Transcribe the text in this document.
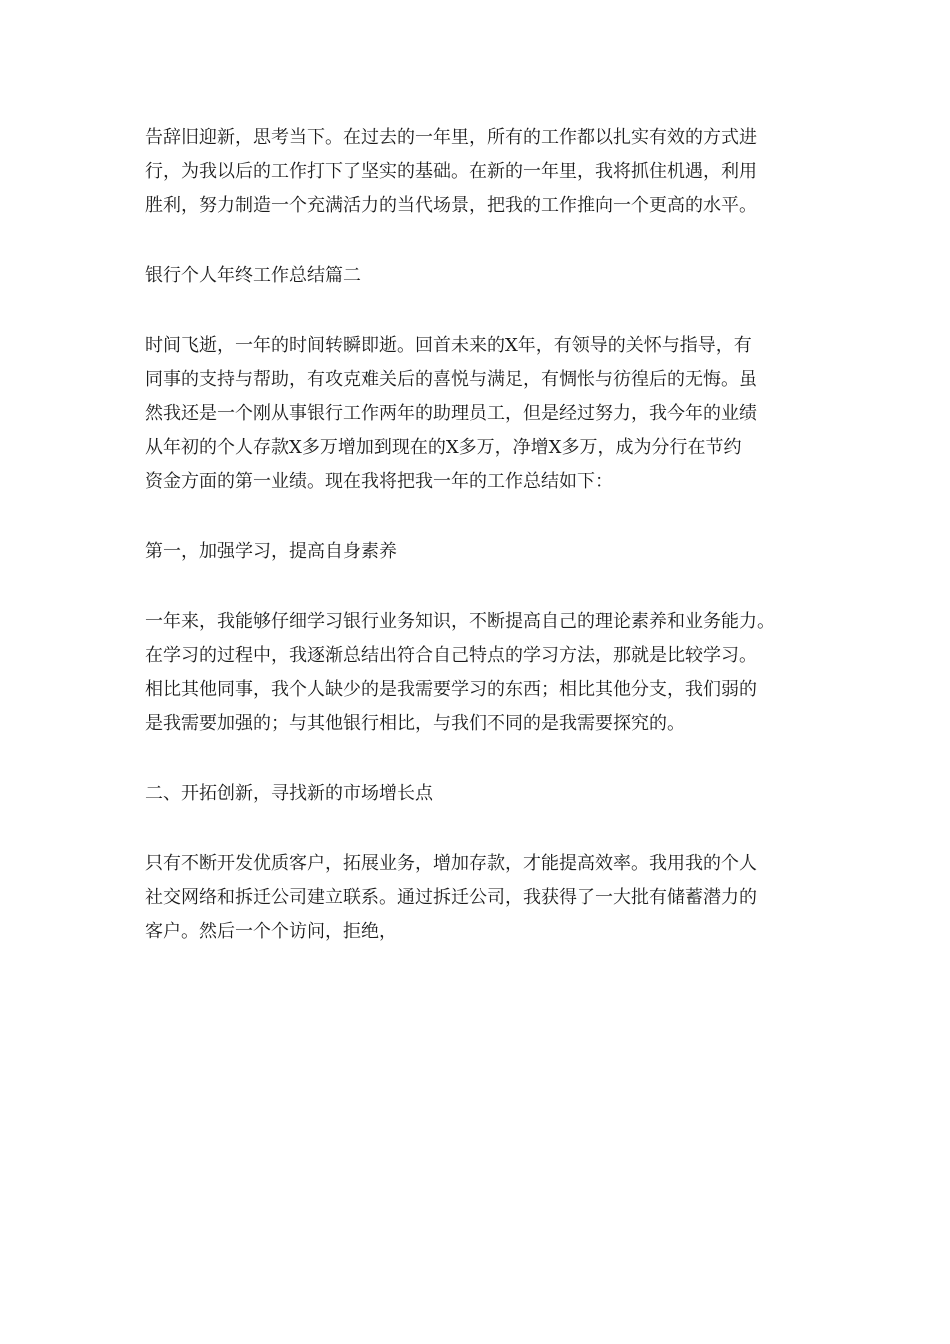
告辞旧迎新，思考当下。在过去的一年里，所有的工作都以扎实有效的方式进
行，为我以后的工作打下了坚实的基础。在新的一年里，我将抓住机遇，利用
胜利，努力制造一个充满活力的当代场景，把我的工作推向一个更高的水平。
银行个人年终工作总结篇二
时间飞逝，一年的时间转瞬即逝。回首未来的X年，有领导的关怀与指导，有
同事的支持与帮助，有攻克难关后的喜悦与满足，有惆怅与彷徨后的无悔。虽
然我还是一个刚从事银行工作两年的助理员工，但是经过努力，我今年的业绩
从年初的个人存款X多万增加到现在的X多万，净增X多万，成为分行在节约
资金方面的第一业绩。现在我将把我一年的工作总结如下：
第一，加强学习，提高自身素养
一年来，我能够仔细学习银行业务知识，不断提高自己的理论素养和业务能力。
在学习的过程中，我逐渐总结出符合自己特点的学习方法，那就是比较学习。
相比其他同事，我个人缺少的是我需要学习的东西；相比其他分支，我们弱的
是我需要加强的；与其他银行相比，与我们不同的是我需要探究的。
二、开拓创新，寻找新的市场增长点
只有不断开发优质客户，拓展业务，增加存款，才能提高效率。我用我的个人
社交网络和拆迁公司建立联系。通过拆迁公司，我获得了一大批有储蓄潜力的
客户。然后一个个访问，拒绝，
